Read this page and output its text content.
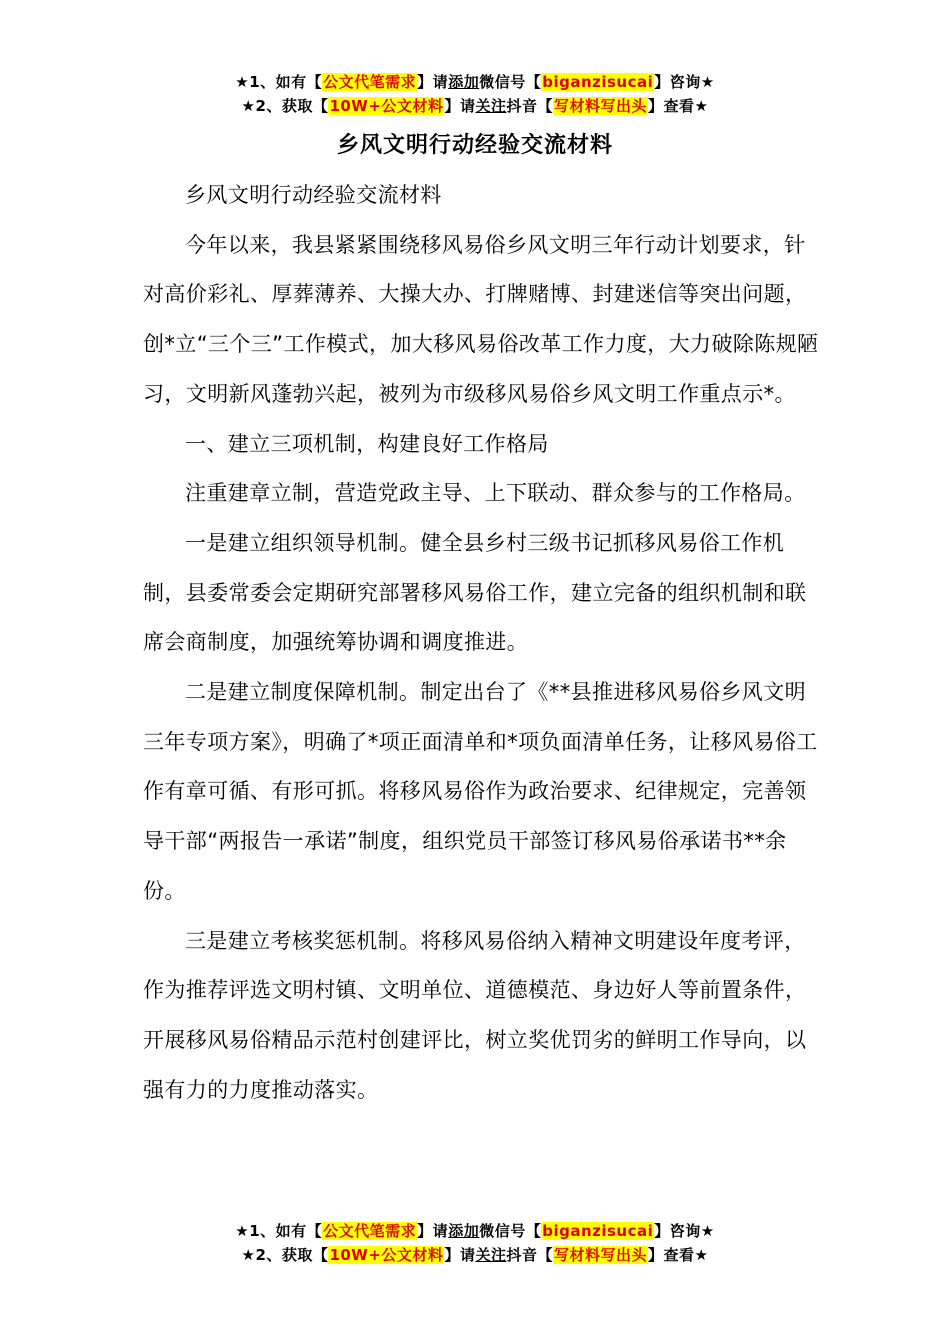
★1、如有【公文代笔需求】请添加微信号【biganzisucai】咨询★
★2、获取【10W+公文材料】请关注抖音【写材料写出头】查看★
乡风文明行动经验交流材料

乡风文明行动经验交流材料

今年以来，我县紧紧围绕移风易俗乡风文明三年行动计划要求，针对高价彩礼、厚葬薄养、大操大办、打牌赌博、封建迷信等突出问题，创*立“三个三”工作模式，加大移风易俗改革工作力度，大力破除陈规陋习，文明新风蓬勃兴起，被列为市级移风易俗乡风文明工作重点示*。

一、建立三项机制，构建良好工作格局

注重建章立制，营造党政主导、上下联动、群众参与的工作格局。

一是建立组织领导机制。健全县乡村三级书记抓移风易俗工作机制，县委常委会定期研究部署移风易俗工作，建立完备的组织机制和联席会商制度，加强统筹协调和调度推进。

二是建立制度保障机制。制定出台了《**县推进移风易俗乡风文明三年专项方案》，明确了*项正面清单和*项负面清单任务，让移风易俗工作有章可循、有形可抓。将移风易俗作为政治要求、纪律规定，完善领导干部“两报告一承诺”制度，组织党员干部签订移风易俗承诺书**余份。

三是建立考核奖惩机制。将移风易俗纳入精神文明建设年度考评，作为推荐评选文明村镇、文明单位、道德模范、身边好人等前置条件，开展移风易俗精品示范村创建评比，树立奖优罚劣的鲜明工作导向，以强有力的力度推动落实。

★1、如有【公文代笔需求】请添加微信号【biganzisucai】咨询★
★2、获取【10W+公文材料】请关注抖音【写材料写出头】查看★
